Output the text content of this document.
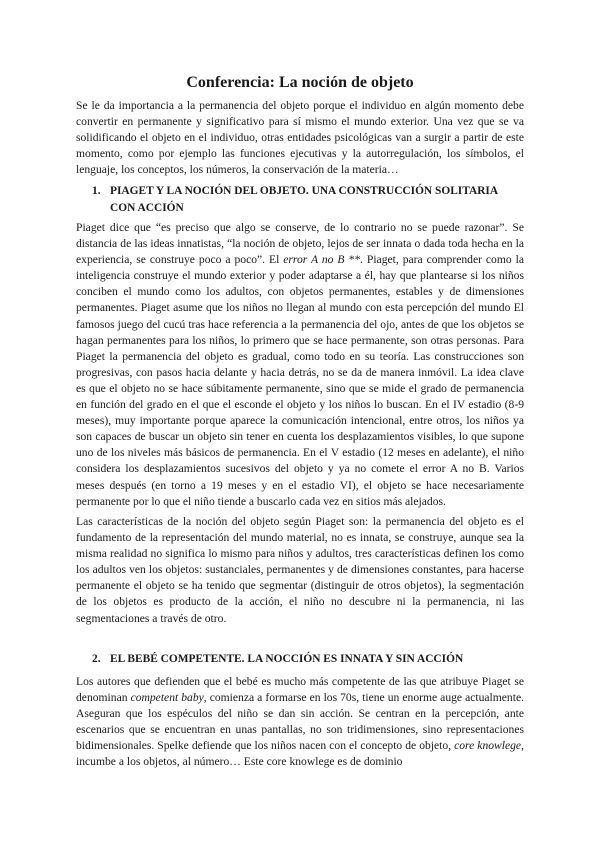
Conferencia: La noción de objeto

Se le da importancia a la permanencia del objeto porque el individuo en algún momento debe convertir en permanente y significativo para sí mismo el mundo exterior. Una vez que se va solidificando el objeto en el individuo, otras entidades psicológicas van a surgir a partir de este momento, como por ejemplo las funciones ejecutivas y la autorregulación, los símbolos, el lenguaje, los conceptos, los números, la conservación de la materia…

1. PIAGET Y LA NOCIÓN DEL OBJETO. UNA CONSTRUCCIÓN SOLITARIA
CON ACCIÓN

Piaget dice que “es preciso que algo se conserve, de lo contrario no se puede razonar”. Se distancia de las ideas innatistas, “la noción de objeto, lejos de ser innata o dada toda hecha en la experiencia, se construye poco a poco”. El error A no B **. Piaget, para comprender como la inteligencia construye el mundo exterior y poder adaptarse a él, hay que plantearse si los niños conciben el mundo como los adultos, con objetos permanentes, estables y de dimensiones permanentes. Piaget asume que los niños no llegan al mundo con esta percepción del mundo El famosos juego del cucú tras hace referencia a la permanencia del ojo, antes de que los objetos se hagan permanentes para los niños, lo primero que se hace permanente, son otras personas. Para Piaget la permanencia del objeto es gradual, como todo en su teoría. Las construcciones son progresivas, con pasos hacia delante y hacia detrás, no se da de manera inmóvil. La idea clave es que el objeto no se hace súbitamente permanente, sino que se mide el grado de permanencia en función del grado en el que el esconde el objeto y los niños lo buscan. En el IV estadio (8-9 meses), muy importante porque aparece la comunicación intencional, entre otros, los niños ya son capaces de buscar un objeto sin tener en cuenta los desplazamientos visibles, lo que supone uno de los niveles más básicos de permanencia. En el V estadio (12 meses en adelante), el niño considera los desplazamientos sucesivos del objeto y ya no comete el error A no B. Varios meses después (en torno a 19 meses y en el estadio VI), el objeto se hace necesariamente permanente por lo que el niño tiende a buscarlo cada vez en sitios más alejados.

Las características de la noción del objeto según Piaget son: la permanencia del objeto es el fundamento de la representación del mundo material, no es innata, se construye, aunque sea la misma realidad no significa lo mismo para niños y adultos, tres características definen los como los adultos ven los objetos: sustanciales, permanentes y de dimensiones constantes, para hacerse permanente el objeto se ha tenido que segmentar (distinguir de otros objetos), la segmentación de los objetos es producto de la acción, el niño no descubre ni la permanencia, ni las segmentaciones a través de otro.

2. EL BEBÉ COMPETENTE. LA NOCCIÓN ES INNATA Y SIN ACCIÓN

Los autores que defienden que el bebé es mucho más competente de las que atribuye Piaget se denominan competent baby, comienza a formarse en los 70s, tiene un enorme auge actualmente. Aseguran que los espéculos del niño se dan sin acción. Se centran en la percepción, ante escenarios que se encuentran en unas pantallas, no son tridimensiones, sino representaciones bidimensionales. Spelke defiende que los niños nacen con el concepto de objeto, core knowlege, incumbe a los objetos, al número… Este core knowlege es de dominio
